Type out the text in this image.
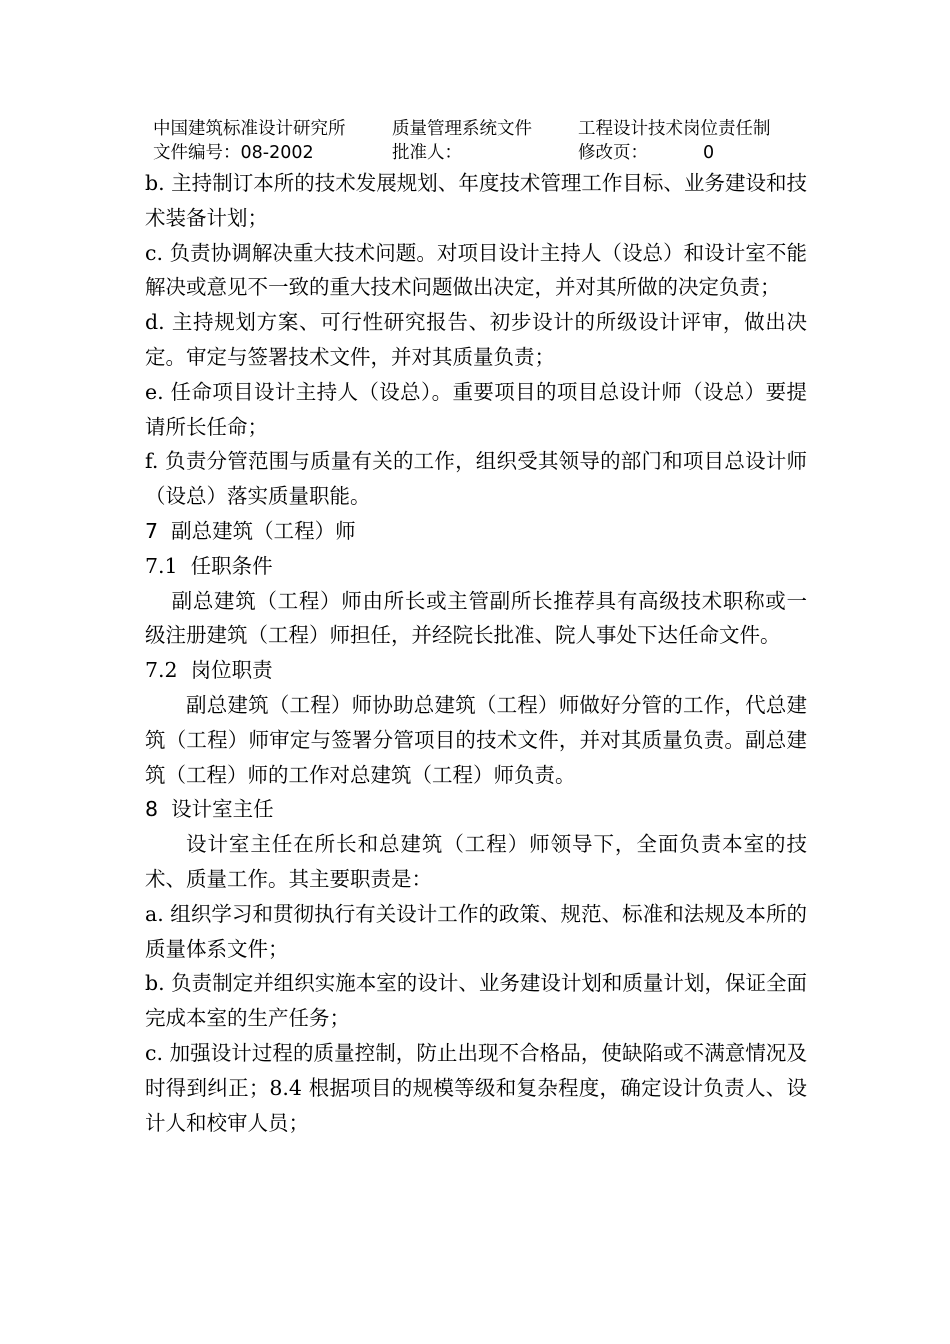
中国建筑标准设计研究所	质量管理系统文件	工程设计技术岗位责任制
文件编号：08-2002	批准人：	修改页：	0

b. 主持制订本所的技术发展规划、年度技术管理工作目标、业务建设和技术装备计划；

c. 负责协调解决重大技术问题。对项目设计主持人（设总）和设计室不能解决或意见不一致的重大技术问题做出决定，并对其所做的决定负责；

d. 主持规划方案、可行性研究报告、初步设计的所级设计评审，做出决定。审定与签署技术文件，并对其质量负责；

e. 任命项目设计主持人（设总）。重要项目的项目总设计师（设总）要提请所长任命；

f. 负责分管范围与质量有关的工作，组织受其领导的部门和项目总设计师（设总）落实质量职能。

7  副总建筑（工程）师

7.1  任职条件

副总建筑（工程）师由所长或主管副所长推荐具有高级技术职称或一级注册建筑（工程）师担任，并经院长批准、院人事处下达任命文件。

7.2  岗位职责

副总建筑（工程）师协助总建筑（工程）师做好分管的工作，代总建筑（工程）师审定与签署分管项目的技术文件，并对其质量负责。副总建筑（工程）师的工作对总建筑（工程）师负责。

8  设计室主任

设计室主任在所长和总建筑（工程）师领导下，全面负责本室的技术、质量工作。其主要职责是：

a. 组织学习和贯彻执行有关设计工作的政策、规范、标准和法规及本所的质量体系文件；

b. 负责制定并组织实施本室的设计、业务建设计划和质量计划，保证全面完成本室的生产任务；

c. 加强设计过程的质量控制，防止出现不合格品，使缺陷或不满意情况及时得到纠正；8.4 根据项目的规模等级和复杂程度，确定设计负责人、设计人和校审人员；
